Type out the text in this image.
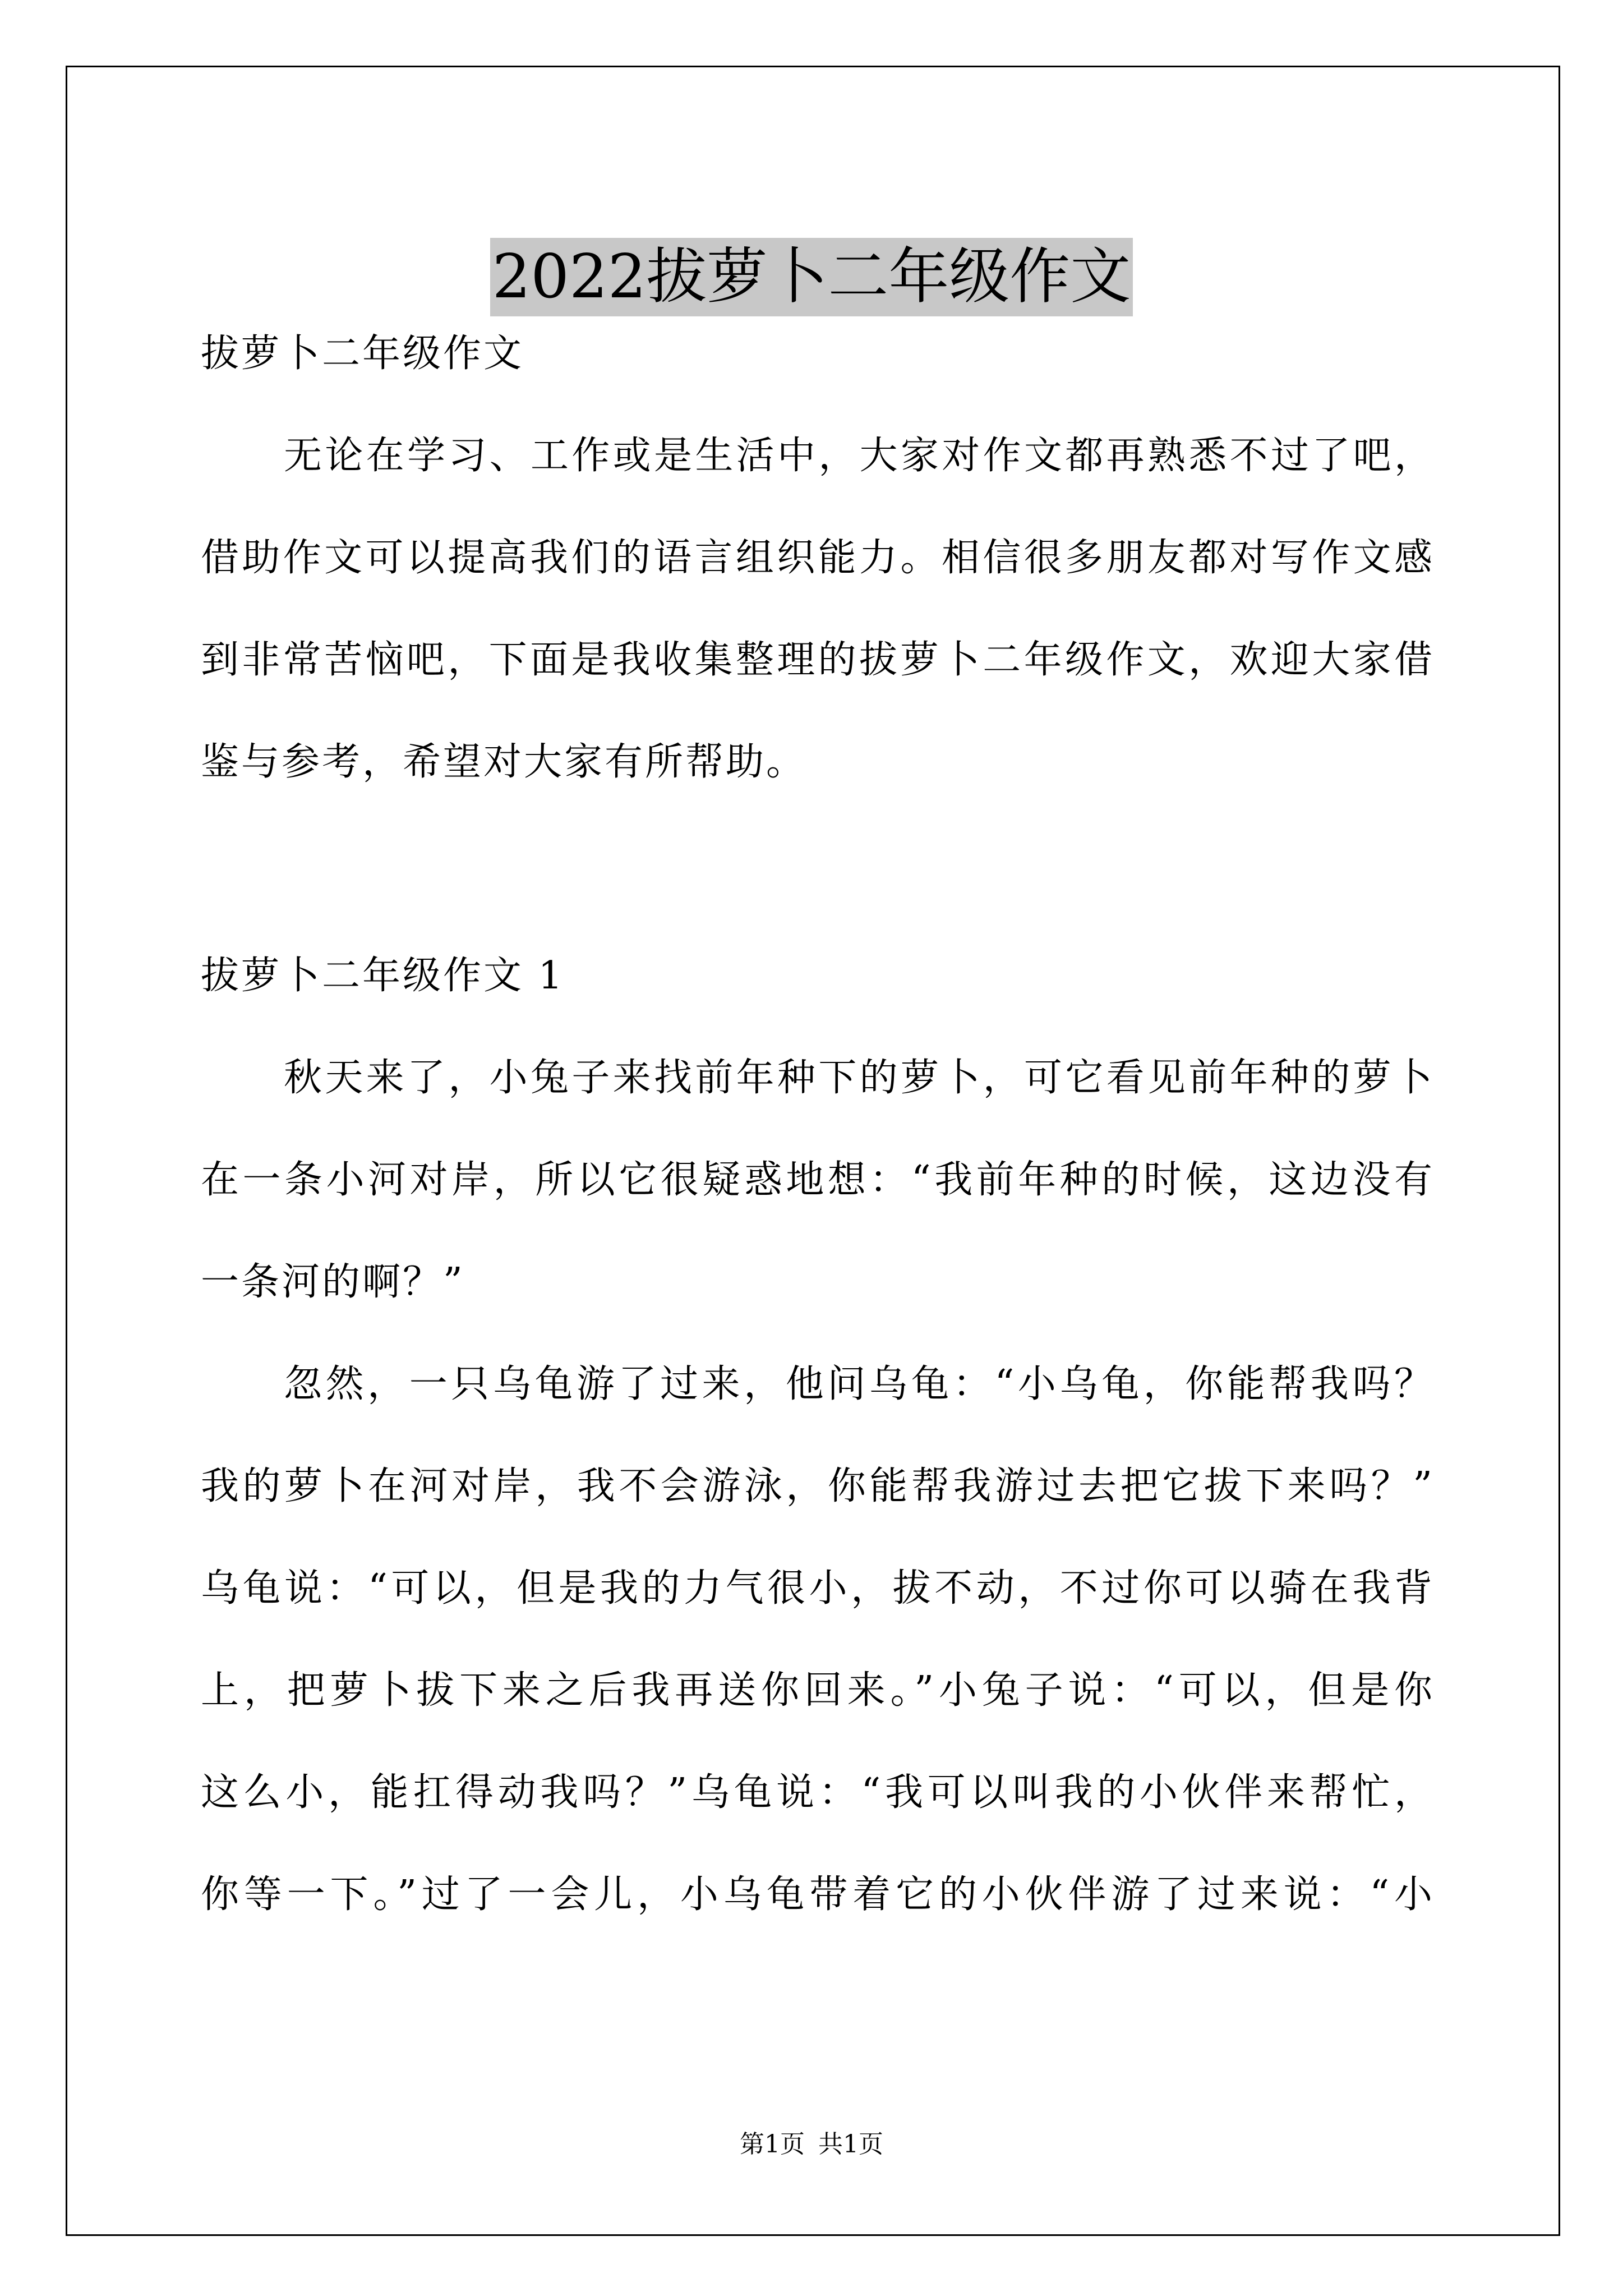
2022拔萝卜二年级作文
拔萝卜二年级作文
无论在学习、工作或是生活中，大家对作文都再熟悉不过了吧，
借助作文可以提高我们的语言组织能力。相信很多朋友都对写作文感
到非常苦恼吧，下面是我收集整理的拔萝卜二年级作文，欢迎大家借
鉴与参考，希望对大家有所帮助。
拔萝卜二年级作文 1
秋天来了，小兔子来找前年种下的萝卜，可它看见前年种的萝卜
在一条小河对岸，所以它很疑惑地想：“我前年种的时候，这边没有
一条河的啊？”
忽然，一只乌龟游了过来，他问乌龟：“小乌龟，你能帮我吗？
我的萝卜在河对岸，我不会游泳，你能帮我游过去把它拔下来吗？”
乌龟说：“可以，但是我的力气很小，拔不动，不过你可以骑在我背
上，把萝卜拔下来之后我再送你回来。”小兔子说：“可以，但是你
这么小，能扛得动我吗？”乌龟说：“我可以叫我的小伙伴来帮忙，
你等一下。”过了一会儿，小乌龟带着它的小伙伴游了过来说：“小
第1页 共1页
